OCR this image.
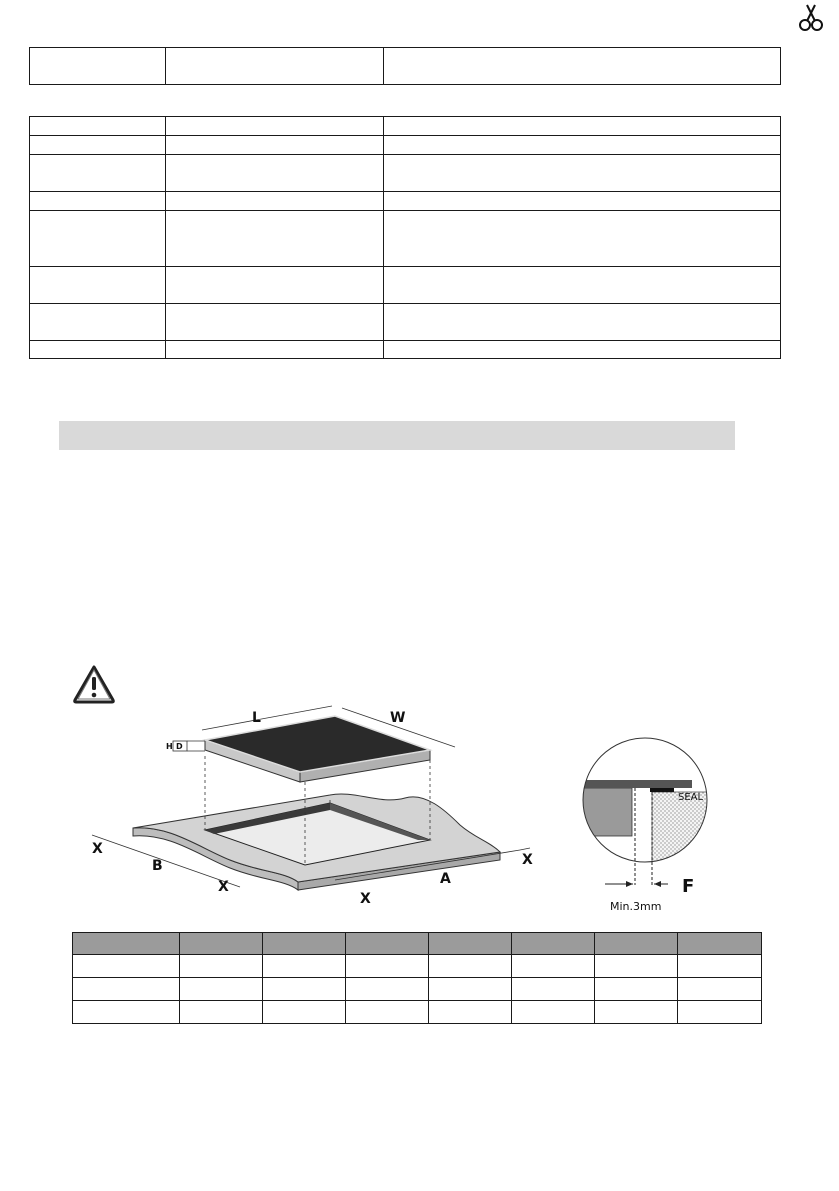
L	W
H D
X
B
X
X
A
X
SEAL
F
Min.3mm
